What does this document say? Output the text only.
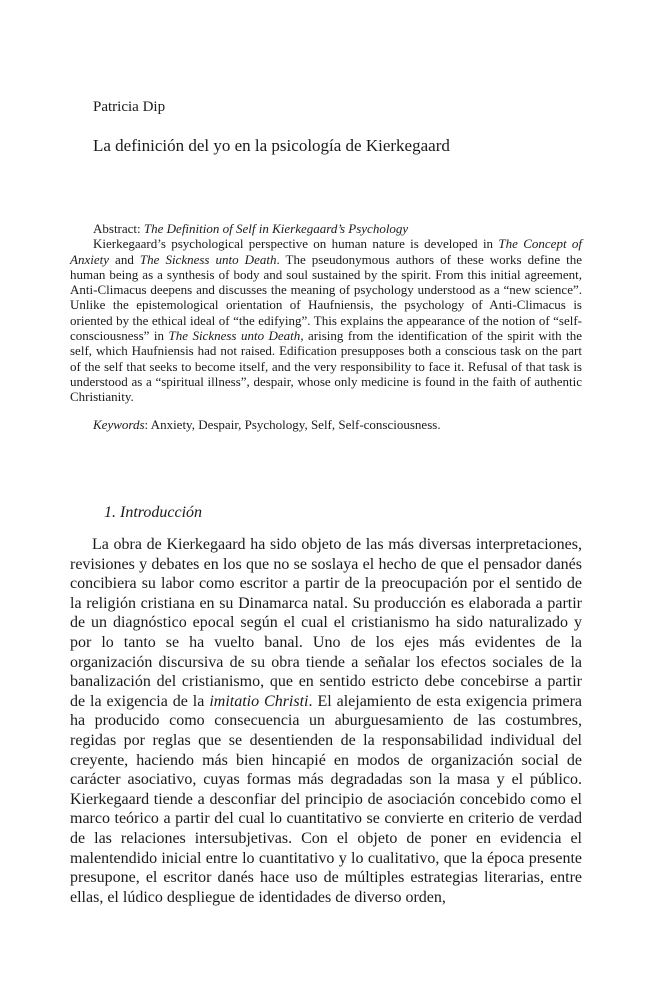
Patricia Dip
La definición del yo en la psicología de Kierkegaard

Abstract: The Definition of Self in Kierkegaard’s Psychology

Kierkegaard’s psychological perspective on human nature is developed in The Concept of Anxiety and The Sickness unto Death. The pseudonymous authors of these works define the human being as a synthesis of body and soul sustained by the spirit. From this initial agreement, Anti-Climacus deepens and discusses the meaning of psychology understood as a “new science”. Unlike the epistemological orientation of Haufniensis, the psychology of Anti-Climacus is oriented by the ethical ideal of “the edifying”. This explains the appearance of the notion of “self-consciousness” in The Sickness unto Death, arising from the identification of the spirit with the self, which Haufniensis had not raised. Edification presupposes both a conscious task on the part of the self that seeks to become itself, and the very responsibility to face it. Refusal of that task is understood as a “spiritual illness”, despair, whose only medicine is found in the faith of authentic Christianity.

Keywords: Anxiety, Despair, Psychology, Self, Self-consciousness.

1. Introducción

La obra de Kierkegaard ha sido objeto de las más diversas interpretaciones, revisiones y debates en los que no se soslaya el hecho de que el pensador danés concibiera su labor como escritor a partir de la preocupación por el sentido de la religión cristiana en su Dinamarca natal. Su producción es elaborada a partir de un diagnóstico epocal según el cual el cristianismo ha sido naturalizado y por lo tanto se ha vuelto banal. Uno de los ejes más evidentes de la organización discursiva de su obra tiende a señalar los efectos sociales de la banalización del cristianismo, que en sentido estricto debe concebirse a partir de la exigencia de la imitatio Christi. El alejamiento de esta exigencia primera ha producido como consecuencia un aburguesamiento de las costumbres, regidas por reglas que se desentienden de la responsabilidad individual del creyente, haciendo más bien hincapié en modos de organización social de carácter asociativo, cuyas formas más degradadas son la masa y el público. Kierkegaard tiende a desconfiar del principio de asociación concebido como el marco teórico a partir del cual lo cuantitativo se convierte en criterio de verdad de las relaciones intersubjetivas. Con el objeto de poner en evidencia el malentendido inicial entre lo cuantitativo y lo cualitativo, que la época presente presupone, el escritor danés hace uso de múltiples estrategias literarias, entre ellas, el lúdico despliegue de identidades de diverso orden,
